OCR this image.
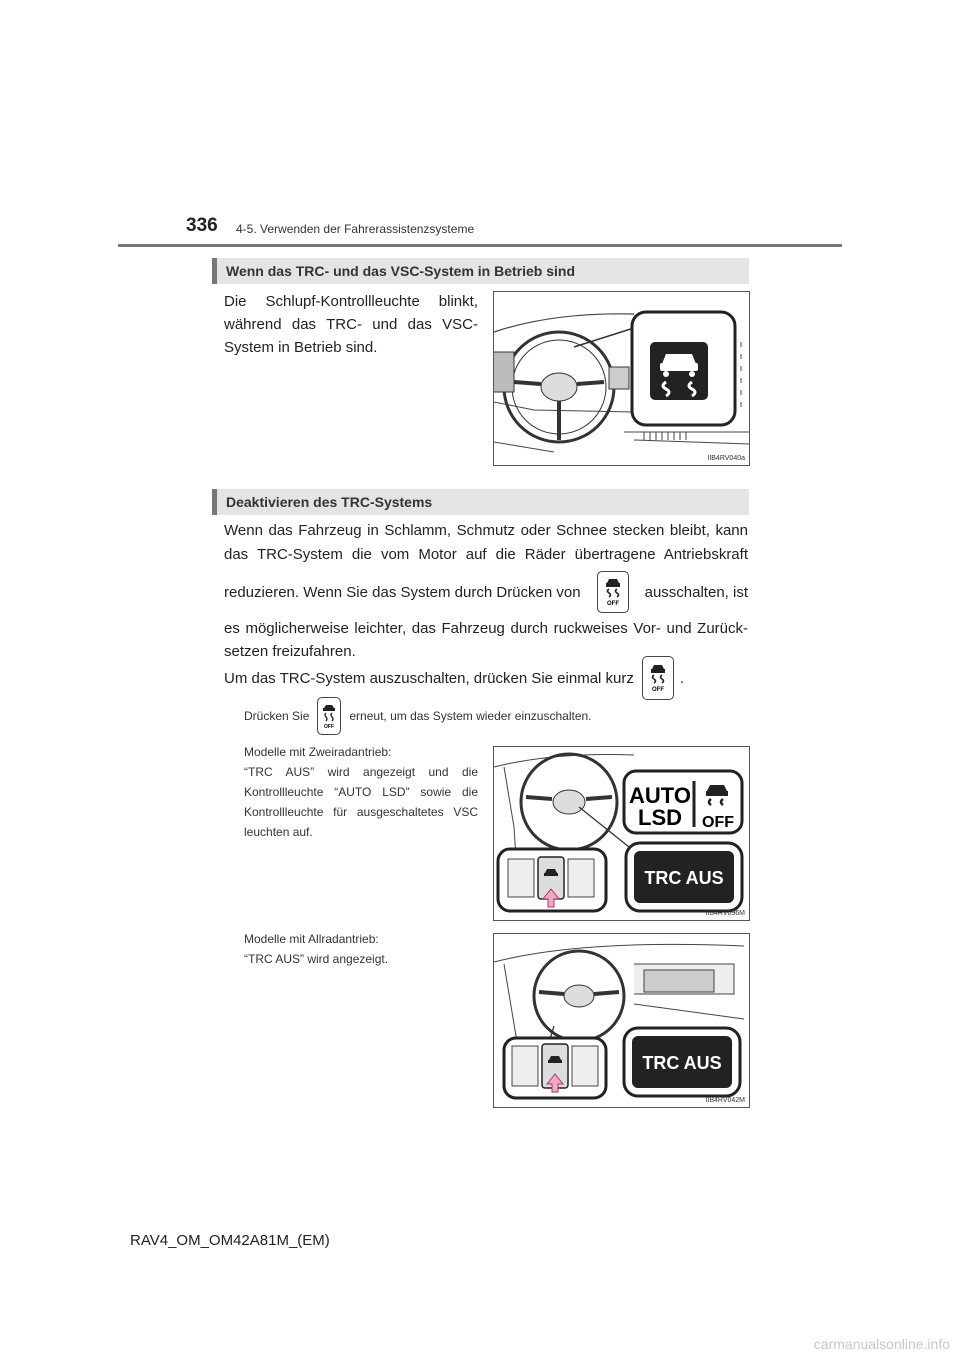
336 4-5. Verwenden der Fahrerassistenzsysteme
Wenn das TRC- und das VSC-System in Betrieb sind
Die Schlupf-Kontrollleuchte blinkt, während das TRC- und das VSC-System in Betrieb sind.
IIB4RV040a
Deaktivieren des TRC-Systems
Wenn das Fahrzeug in Schlamm, Schmutz oder Schnee stecken bleibt, kann
das TRC-System die vom Motor auf die Räder übertragene Antriebskraft
reduzieren. Wenn Sie das System durch Drücken von
OFF
ausschalten, ist
es möglicherweise leichter, das Fahrzeug durch ruckweises Vor- und Zurück-
setzen freizufahren.
Um das TRC-System auszuschalten, drücken Sie einmal kurz
OFF
.
Drücken Sie
OFF
erneut, um das System wieder einzuschalten.
Modelle mit Zweiradantrieb:
“TRC AUS” wird angezeigt und die Kontrollleuchte “AUTO LSD” sowie die Kontrollleuchte für ausgeschaltetes VSC leuchten auf.
AUTO
LSD OFF
TRC AUS
IIB4RV096M
Modelle mit Allradantrieb:
“TRC AUS” wird angezeigt.
TRC AUS
IIB4RV042M
RAV4_OM_OM42A81M_(EM)
carmanualsonline.info
